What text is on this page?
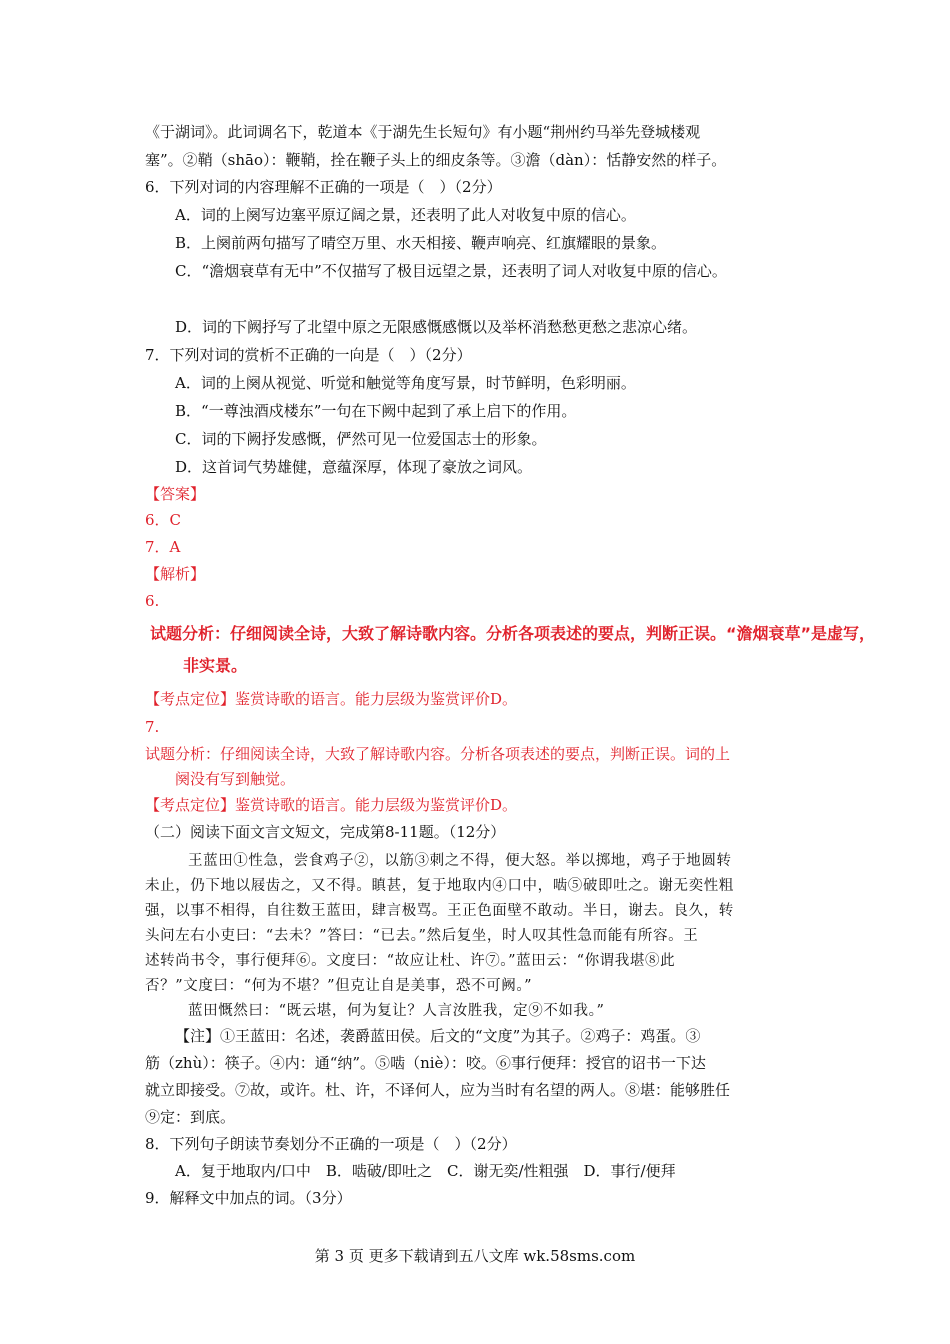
《于湖词》。此词调名下，乾道本《于湖先生长短句》有小题“荆州约马举先登城楼观
塞”。②鞘（shāo）：鞭鞘，拴在鞭子头上的细皮条等。③澹（dàn）：恬静安然的样子。
6．下列对词的内容理解不正确的一项是（　）（2分）
A．词的上阕写边塞平原辽阔之景，还表明了此人对收复中原的信心。
B．上阕前两句描写了晴空万里、水天相接、鞭声响亮、红旗耀眼的景象。
C．“澹烟衰草有无中”不仅描写了极目远望之景，还表明了词人对收复中原的信心。
D．词的下阙抒写了北望中原之无限感慨感慨以及举杯消愁愁更愁之悲凉心绪。
7．下列对词的赏析不正确的一向是（　）（2分）
A．词的上阕从视觉、听觉和触觉等角度写景，时节鲜明，色彩明丽。
B．“一尊浊酒戍楼东”一句在下阙中起到了承上启下的作用。
C．词的下阙抒发感慨，俨然可见一位爱国志士的形象。
D．这首词气势雄健，意蕴深厚，体现了豪放之词风。
【答案】
6．C
7．A
【解析】
6.
试题分析：仔细阅读全诗，大致了解诗歌内容。分析各项表述的要点，判断正误。“澹烟衰草”是虚写，
非实景。
【考点定位】鉴赏诗歌的语言。能力层级为鉴赏评价D。
7.
试题分析：仔细阅读全诗，大致了解诗歌内容。分析各项表述的要点，判断正误。词的上
阕没有写到触觉。
【考点定位】鉴赏诗歌的语言。能力层级为鉴赏评价D。
（二）阅读下面文言文短文，完成第8-11题。（12分）
王蓝田①性急，尝食鸡子②，以筋③刺之不得，便大怒。举以掷地，鸡子于地圆转
未止，仍下地以屐齿之，又不得。瞋甚，复于地取内④口中，啮⑤破即吐之。谢无奕性粗
强，以事不相得，自往数王蓝田，肆言极骂。王正色面壁不敢动。半日，谢去。良久，转
头问左右小吏曰：“去未？”答曰：“已去。”然后复坐，时人叹其性急而能有所容。王
述转尚书令，事行便拜⑥。文度曰：“故应让杜、许⑦。”蓝田云：“你谓我堪⑧此
否？”文度曰：“何为不堪？”但克让自是美事，恐不可阙。”
蓝田慨然曰：“既云堪，何为复让？人言汝胜我，定⑨不如我。”
【注】①王蓝田：名述，袭爵蓝田侯。后文的“文度”为其子。②鸡子：鸡蛋。③
筋（zhù）：筷子。④内：通“纳”。⑤啮（niè）：咬。⑥事行便拜：授官的诏书一下达
就立即接受。⑦故，或许。杜、许，不译何人，应为当时有名望的两人。⑧堪：能够胜任
⑨定：到底。
8．下列句子朗读节奏划分不正确的一项是（　）（2分）
A．复于地取内/口中　B．啮破/即吐之　C．谢无奕/性粗强　D．事行/便拜
9．解释文中加点的词。（3分）
第 3 页 更多下载请到五八文库 wk.58sms.com
